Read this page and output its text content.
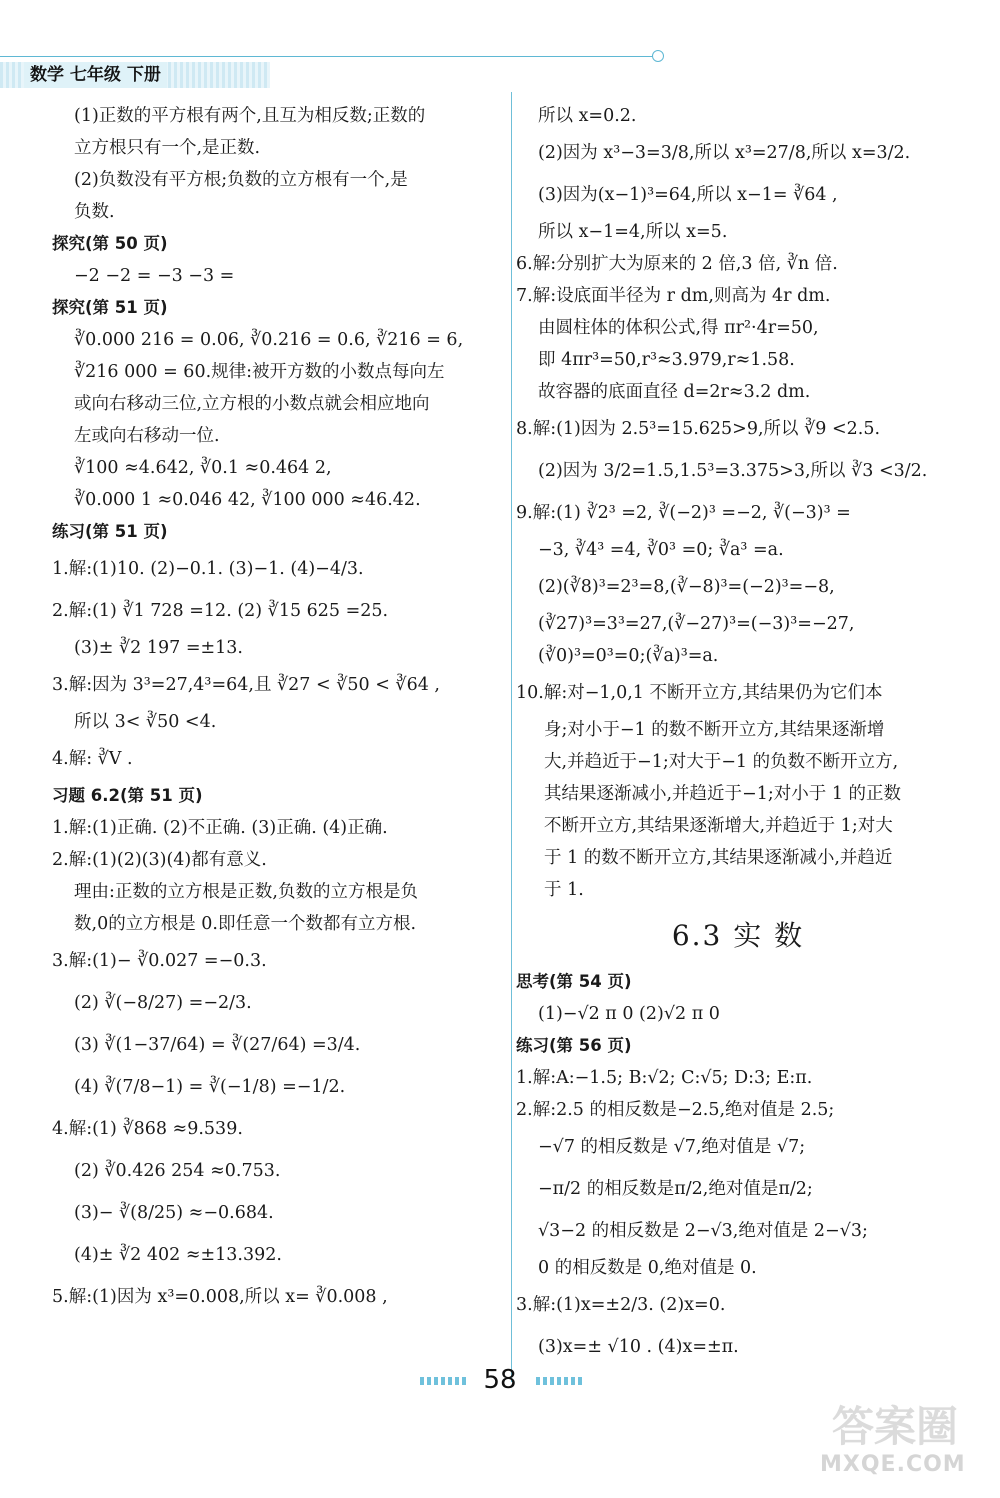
数学 七年级 下册
(1)正数的平方根有两个,且互为相反数;正数的
立方根只有一个,是正数.
(2)负数没有平方根;负数的立方根有一个,是
负数.
探究(第 50 页)
−2 −2 = −3 −3 =
探究(第 51 页)
∛0.000 216 = 0.06, ∛0.216 = 0.6, ∛216 = 6,
∛216 000 = 60.规律:被开方数的小数点每向左
或向右移动三位,立方根的小数点就会相应地向
左或向右移动一位.
∛100 ≈4.642, ∛0.1 ≈0.464 2,
∛0.000 1 ≈0.046 42, ∛100 000 ≈46.42.
练习(第 51 页)
1.解:(1)10. (2)−0.1. (3)−1. (4)−4/3.
2.解:(1) ∛1 728 =12. (2) ∛15 625 =25.
(3)± ∛2 197 =±13.
3.解:因为 3³=27,4³=64,且 ∛27 < ∛50 < ∛64 ,
所以 3< ∛50 <4.
4.解: ∛V .
习题 6.2(第 51 页)
1.解:(1)正确. (2)不正确. (3)正确. (4)正确.
2.解:(1)(2)(3)(4)都有意义.
理由:正数的立方根是正数,负数的立方根是负
数,0的立方根是 0.即任意一个数都有立方根.
3.解:(1)− ∛0.027 =−0.3.
(2) ∛(−8/27) =−2/3.
(3) ∛(1−37/64) = ∛(27/64) =3/4.
(4) ∛(7/8−1) = ∛(−1/8) =−1/2.
4.解:(1) ∛868 ≈9.539.
(2) ∛0.426 254 ≈0.753.
(3)− ∛(8/25) ≈−0.684.
(4)± ∛2 402 ≈±13.392.
5.解:(1)因为 x³=0.008,所以 x= ∛0.008 ,
所以 x=0.2.
(2)因为 x³−3=3/8,所以 x³=27/8,所以 x=3/2.
(3)因为(x−1)³=64,所以 x−1= ∛64 ,
所以 x−1=4,所以 x=5.
6.解:分别扩大为原来的 2 倍,3 倍, ∛n 倍.
7.解:设底面半径为 r dm,则高为 4r dm.
由圆柱体的体积公式,得 πr²·4r=50,
即 4πr³=50,r³≈3.979,r≈1.58.
故容器的底面直径 d=2r≈3.2 dm.
8.解:(1)因为 2.5³=15.625>9,所以 ∛9 <2.5.
(2)因为 3/2=1.5,1.5³=3.375>3,所以 ∛3 <3/2.
9.解:(1) ∛2³ =2, ∛(−2)³ =−2, ∛(−3)³ =
−3, ∛4³ =4, ∛0³ =0; ∛a³ =a.
(2)(∛8)³=2³=8,(∛−8)³=(−2)³=−8,
(∛27)³=3³=27,(∛−27)³=(−3)³=−27,
(∛0)³=0³=0;(∛a)³=a.
10.解:对−1,0,1 不断开立方,其结果仍为它们本
身;对小于−1 的数不断开立方,其结果逐渐增
大,并趋近于−1;对大于−1 的负数不断开立方,
其结果逐渐减小,并趋近于−1;对小于 1 的正数
不断开立方,其结果逐渐增大,并趋近于 1;对大
于 1 的数不断开立方,其结果逐渐减小,并趋近
于 1.
6.3 实 数
思考(第 54 页)
(1)−√2 π 0 (2)√2 π 0
练习(第 56 页)
1.解:A:−1.5; B:√2; C:√5; D:3; E:π.
2.解:2.5 的相反数是−2.5,绝对值是 2.5;
−√7 的相反数是 √7,绝对值是 √7;
−π/2 的相反数是π/2,绝对值是π/2;
√3−2 的相反数是 2−√3,绝对值是 2−√3;
0 的相反数是 0,绝对值是 0.
3.解:(1)x=±2/3. (2)x=0.
(3)x=± √10 . (4)x=±π.
58
答案圈
MXQE.COM
